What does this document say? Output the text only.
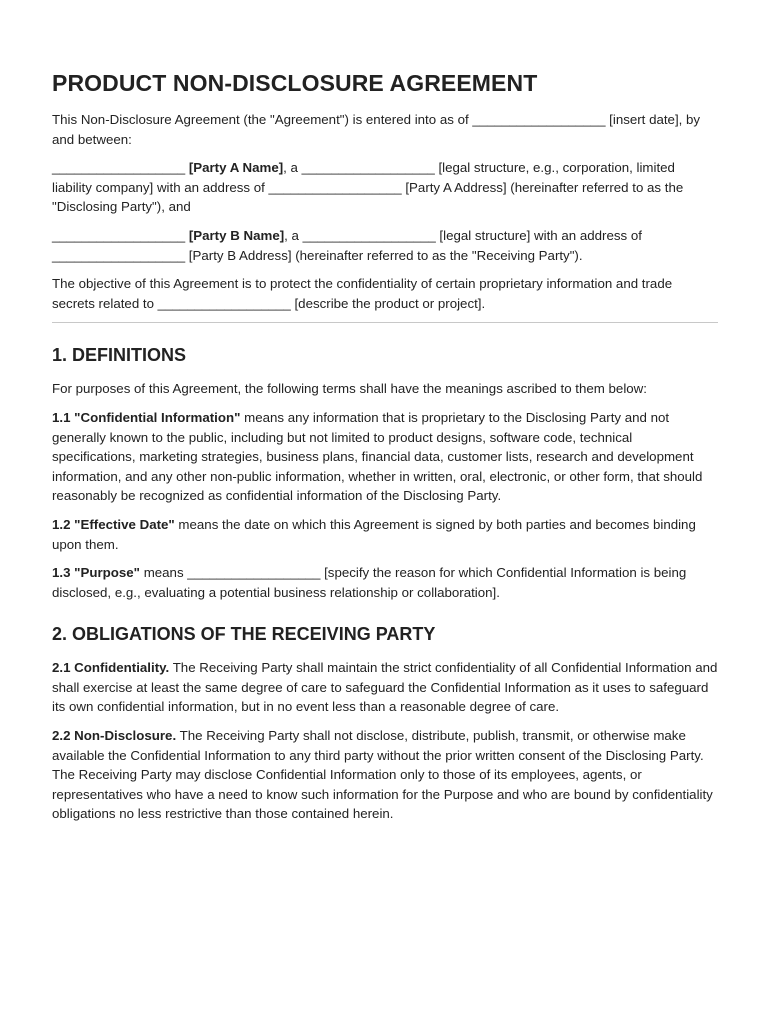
PRODUCT NON-DISCLOSURE AGREEMENT

This Non-Disclosure Agreement (the "Agreement") is entered into as of __________________ [insert date], by and between:

__________________ [Party A Name], a __________________ [legal structure, e.g., corporation, limited liability company] with an address of __________________ [Party A Address] (hereinafter referred to as the "Disclosing Party"), and

__________________ [Party B Name], a __________________ [legal structure] with an address of __________________ [Party B Address] (hereinafter referred to as the "Receiving Party").

The objective of this Agreement is to protect the confidentiality of certain proprietary information and trade secrets related to __________________ [describe the product or project].

1. DEFINITIONS

For purposes of this Agreement, the following terms shall have the meanings ascribed to them below:

1.1 "Confidential Information" means any information that is proprietary to the Disclosing Party and not generally known to the public, including but not limited to product designs, software code, technical specifications, marketing strategies, business plans, financial data, customer lists, research and development information, and any other non-public information, whether in written, oral, electronic, or other form, that should reasonably be recognized as confidential information of the Disclosing Party.

1.2 "Effective Date" means the date on which this Agreement is signed by both parties and becomes binding upon them.

1.3 "Purpose" means __________________ [specify the reason for which Confidential Information is being disclosed, e.g., evaluating a potential business relationship or collaboration].

2. OBLIGATIONS OF THE RECEIVING PARTY

2.1 Confidentiality. The Receiving Party shall maintain the strict confidentiality of all Confidential Information and shall exercise at least the same degree of care to safeguard the Confidential Information as it uses to safeguard its own confidential information, but in no event less than a reasonable degree of care.

2.2 Non-Disclosure. The Receiving Party shall not disclose, distribute, publish, transmit, or otherwise make available the Confidential Information to any third party without the prior written consent of the Disclosing Party. The Receiving Party may disclose Confidential Information only to those of its employees, agents, or representatives who have a need to know such information for the Purpose and who are bound by confidentiality obligations no less restrictive than those contained herein.
